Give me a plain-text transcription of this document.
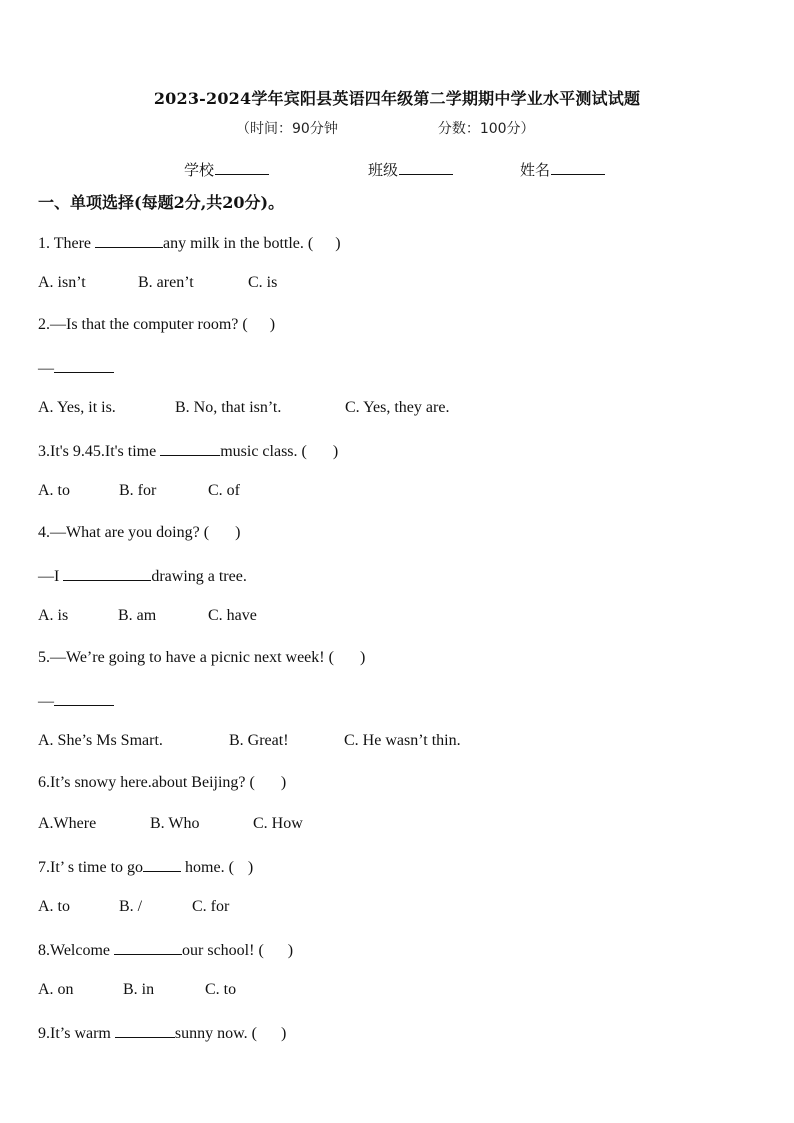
2023-2024学年宾阳县英语四年级第二学期期中学业水平测试试题
（时间：90分钟	分数：100分）
学校	班级	姓名
一、单项选择(每题2分,共20分)。
1. There	any milk in the bottle. ( )
A. isn’t	B. aren’t	C. is
2.—Is that the computer room? ( )
—
A. Yes, it is.	B. No, that isn’t.	C. Yes, they are.
3.It's 9.45.It's time	music class. ( )
A. to	B. for	C. of
4.—What are you doing? ( )
—I	drawing a tree.
A. is	B. am	C. have
5.—We’re going to have a picnic next week! ( )
—
A. She’s Ms Smart.	B. Great!	C. He wasn’t thin.
6.It’s snowy here.about Beijing? ( )
A.Where	B. Who	C. How
7.It’ s time to go home. ( )
A. to	B. /	C. for
8.Welcome	our school! ( )
A. on	B. in	C. to
9.It’s warm	sunny now. ( )
